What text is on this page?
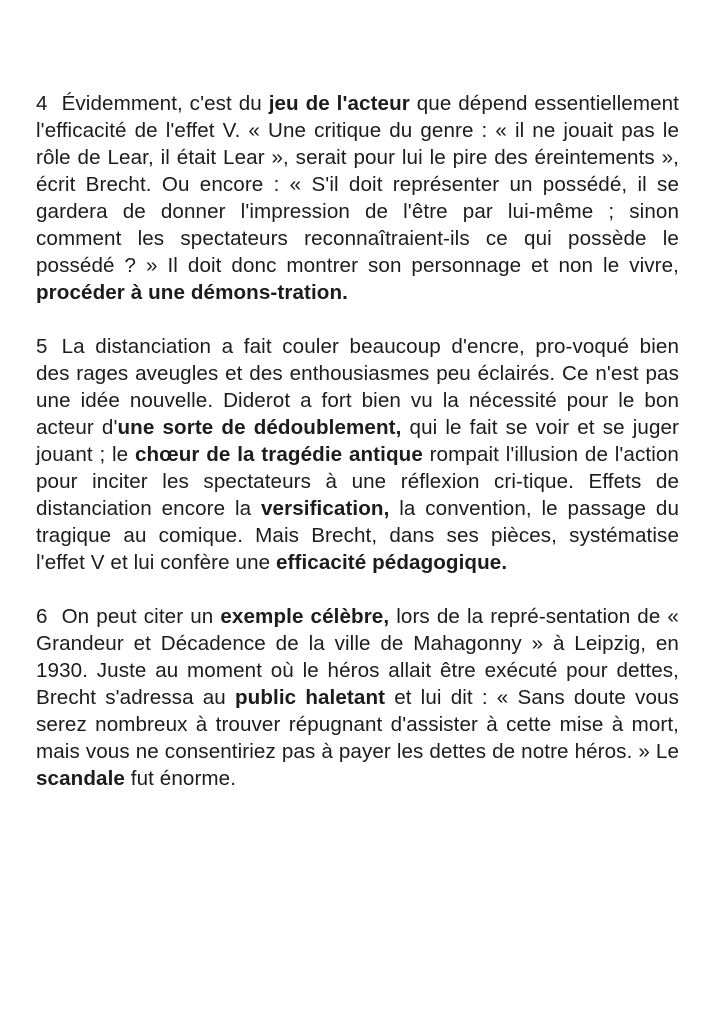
4 Évidemment, c'est du jeu de l'acteur que dépend essentiellement l'efficacité de l'effet V. « Une critique du genre : « il ne jouait pas le rôle de Lear, il était Lear », serait pour lui le pire des éreintements », écrit Brecht. Ou encore : « S'il doit représenter un possédé, il se gardera de donner l'impression de l'être par lui-même ; sinon comment les spectateurs reconnaîtraient-ils ce qui possède le possédé ? » Il doit donc montrer son personnage et non le vivre, procéder à une démons-tration.

5 La distanciation a fait couler beaucoup d'encre, pro-voqué bien des rages aveugles et des enthousiasmes peu éclairés. Ce n'est pas une idée nouvelle. Diderot a fort bien vu la nécessité pour le bon acteur d'une sorte de dédoublement, qui le fait se voir et se juger jouant ; le chœur de la tragédie antique rompait l'illusion de l'action pour inciter les spectateurs à une réflexion cri-tique. Effets de distanciation encore la versification, la convention, le passage du tragique au comique. Mais Brecht, dans ses pièces, systématise l'effet V et lui confère une efficacité pédagogique.

6 On peut citer un exemple célèbre, lors de la repré-sentation de « Grandeur et Décadence de la ville de Mahagonny » à Leipzig, en 1930. Juste au moment où le héros allait être exécuté pour dettes, Brecht s'adressa au public haletant et lui dit : « Sans doute vous serez nombreux à trouver répugnant d'assister à cette mise à mort, mais vous ne consentiriez pas à payer les dettes de notre héros. » Le scandale fut énorme.
